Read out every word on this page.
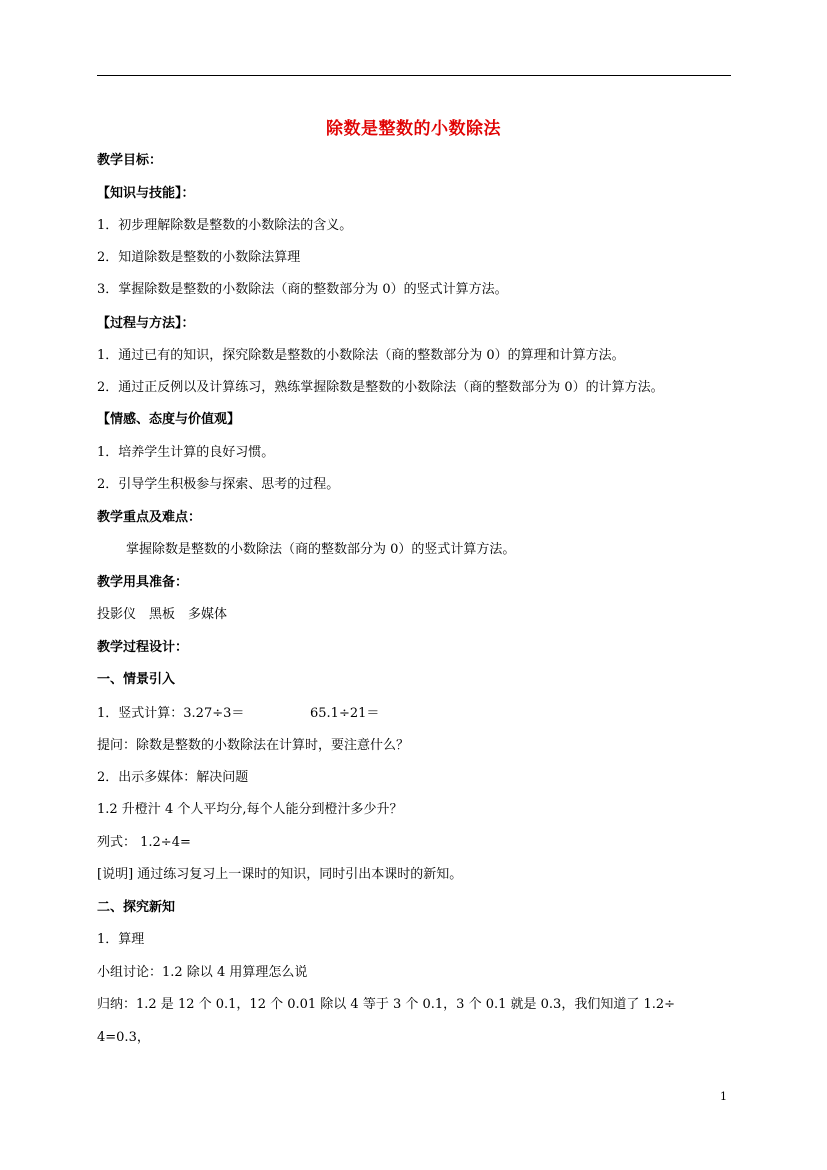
除数是整数的小数除法
教学目标：
【知识与技能】：
1．初步理解除数是整数的小数除法的含义。
2．知道除数是整数的小数除法算理
3．掌握除数是整数的小数除法（商的整数部分为 0）的竖式计算方法。
【过程与方法】：
1．通过已有的知识，探究除数是整数的小数除法（商的整数部分为 0）的算理和计算方法。
2．通过正反例以及计算练习，熟练掌握除数是整数的小数除法（商的整数部分为 0）的计算方法。
【情感、态度与价值观】
1．培养学生计算的良好习惯。
2．引导学生积极参与探索、思考的过程。
教学重点及难点：
掌握除数是整数的小数除法（商的整数部分为 0）的竖式计算方法。
教学用具准备：
投影仪　黑板　多媒体
教学过程设计：
一、情景引入
1．竖式计算：3.27÷3＝	65.1÷21＝
提问：除数是整数的小数除法在计算时，要注意什么？
2．出示多媒体：解决问题
1.2 升橙汁 4 个人平均分,每个人能分到橙汁多少升？
列式： 1.2÷4=
[说明] 通过练习复习上一课时的知识，同时引出本课时的新知。
二、探究新知
1．算理
小组讨论：1.2 除以 4 用算理怎么说
归纳：1.2 是 12 个 0.1，12 个 0.01 除以 4 等于 3 个 0.1，3 个 0.1 就是 0.3，我们知道了 1.2÷
4=0.3，
1
